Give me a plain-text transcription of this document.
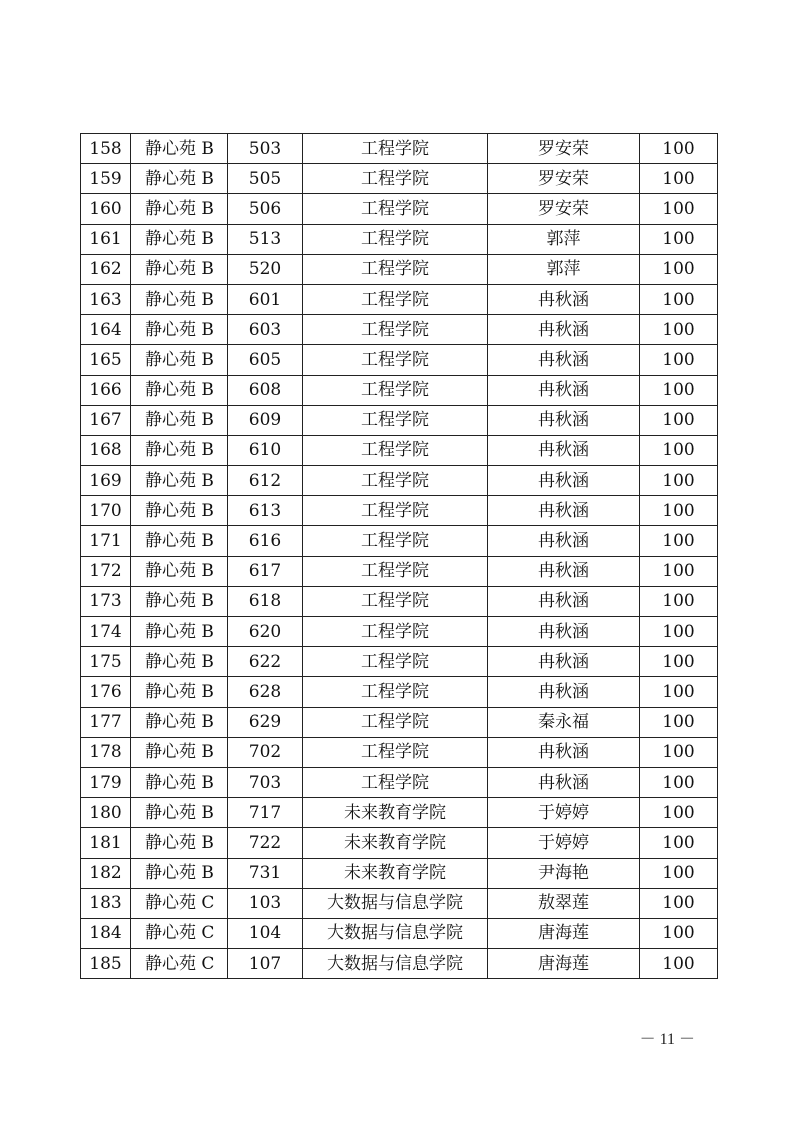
158	静心苑 B	503	工程学院	罗安荣	100
159	静心苑 B	505	工程学院	罗安荣	100
160	静心苑 B	506	工程学院	罗安荣	100
161	静心苑 B	513	工程学院	郭萍	100
162	静心苑 B	520	工程学院	郭萍	100
163	静心苑 B	601	工程学院	冉秋涵	100
164	静心苑 B	603	工程学院	冉秋涵	100
165	静心苑 B	605	工程学院	冉秋涵	100
166	静心苑 B	608	工程学院	冉秋涵	100
167	静心苑 B	609	工程学院	冉秋涵	100
168	静心苑 B	610	工程学院	冉秋涵	100
169	静心苑 B	612	工程学院	冉秋涵	100
170	静心苑 B	613	工程学院	冉秋涵	100
171	静心苑 B	616	工程学院	冉秋涵	100
172	静心苑 B	617	工程学院	冉秋涵	100
173	静心苑 B	618	工程学院	冉秋涵	100
174	静心苑 B	620	工程学院	冉秋涵	100
175	静心苑 B	622	工程学院	冉秋涵	100
176	静心苑 B	628	工程学院	冉秋涵	100
177	静心苑 B	629	工程学院	秦永福	100
178	静心苑 B	702	工程学院	冉秋涵	100
179	静心苑 B	703	工程学院	冉秋涵	100
180	静心苑 B	717	未来教育学院	于婷婷	100
181	静心苑 B	722	未来教育学院	于婷婷	100
182	静心苑 B	731	未来教育学院	尹海艳	100
183	静心苑 C	103	大数据与信息学院	敖翠莲	100
184	静心苑 C	104	大数据与信息学院	唐海莲	100
185	静心苑 C	107	大数据与信息学院	唐海莲	100
－ 11 －
